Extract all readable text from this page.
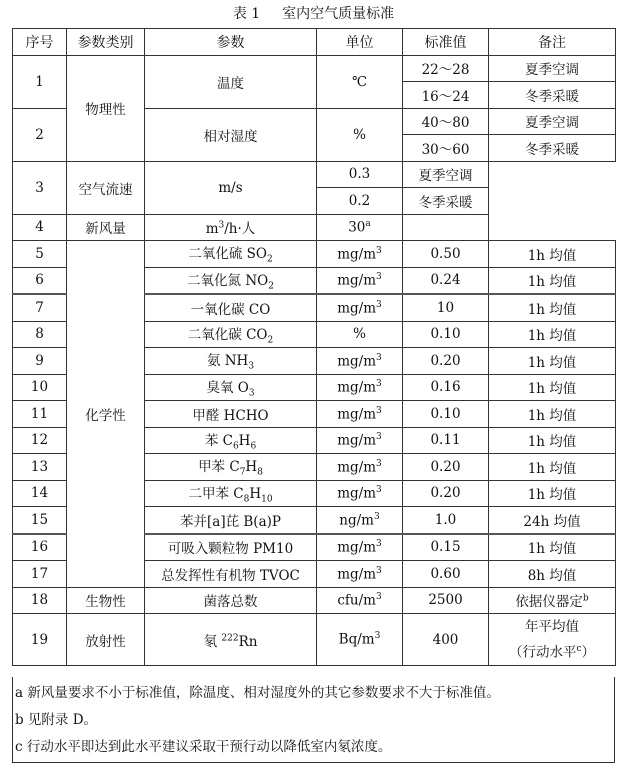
表 1 室内空气质量标准
序号	参数类别	参数	单位	标准值	备注
1	物理性	温度	℃	22～28	夏季空调
				16～24	冬季采暖
2		相对湿度	%	40～80	夏季空调
				30～60	冬季采暖
3	空气流速	m/s	0.3	夏季空调	
			0.2	冬季采暖	
4	新风量	$m^3/h\cdot$人	30$^a$	
5	化学性	二氧化硫 $SO_2$	$mg/m^3$	0.50	1h 均值
6		二氧化氮 $NO_2$	$mg/m^3$	0.24	1h 均值
7		一氧化碳 CO	$mg/m^3$	10	1h 均值
8		二氧化碳 $CO_2$	%	0.10	1h 均值
9		氨 $NH_3$	$mg/m^3$	0.20	1h 均值
10		臭氧 $O_3$	$mg/m^3$	0.16	1h 均值
11		甲醛 HCHO	$mg/m^3$	0.10	1h 均值
12		苯 $C_6H_6$	$mg/m^3$	0.11	1h 均值
13		甲苯 $C_7H_8$	$mg/m^3$	0.20	1h 均值
14		二甲苯 $C_8H_{10}$	$mg/m^3$	0.20	1h 均值
15		苯并[a]芘 B(a)P	$ng/m^3$	1.0	24h 均值
16		可吸入颗粒物 PM10	$mg/m^3$	0.15	1h 均值
17		总发挥性有机物 TVOC	$mg/m^3$	0.60	8h 均值
18	生物性	菌落总数	cfu/$m^3$	2500	依据仪器定$^b$
19	放射性	氡 $^{222}$Rn	$Bq/m^3$	400	年平均值
（行动水平$^c$）
a 新风量要求不小于标准值，除温度、相对湿度外的其它参数要求不大于标准值。
b 见附录 D。
c 行动水平即达到此水平建议采取干预行动以降低室内氡浓度。
